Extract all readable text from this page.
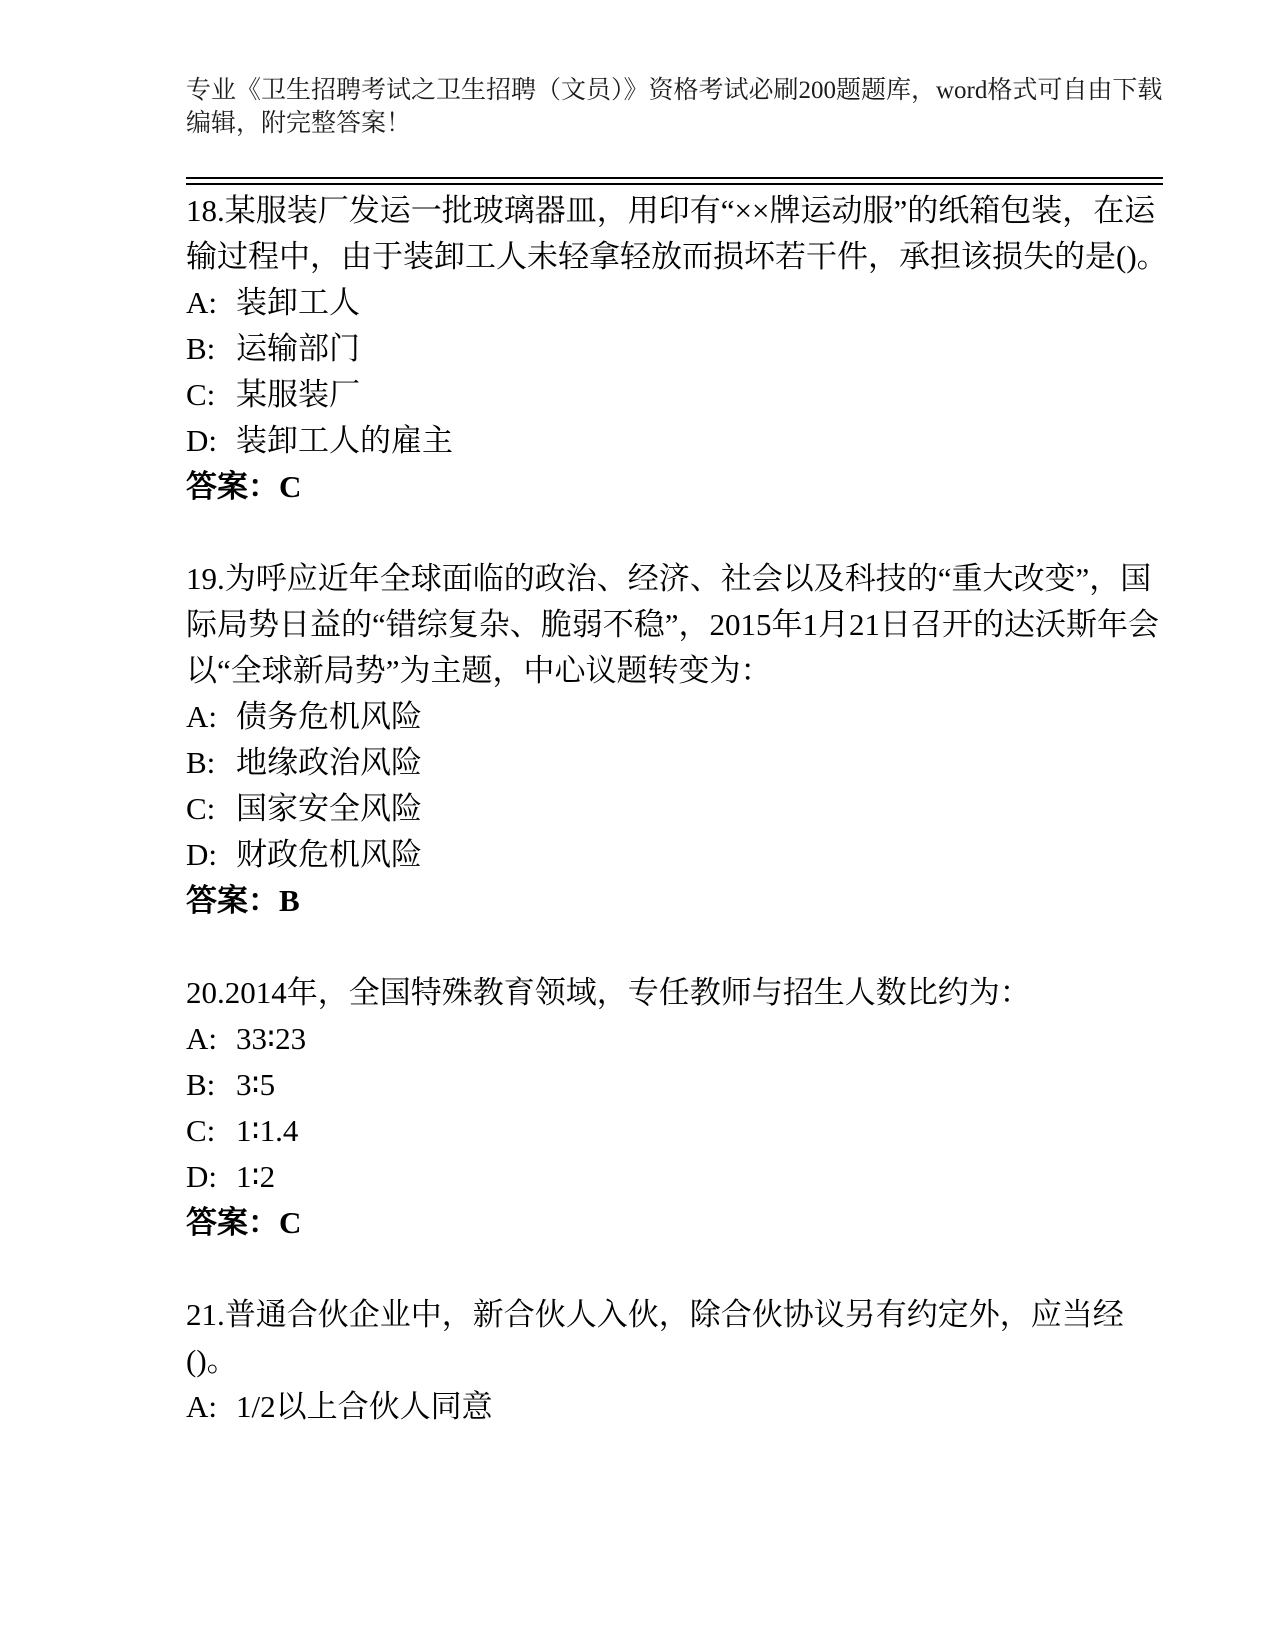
专业《卫生招聘考试之卫生招聘（文员）》资格考试必刷200题题库，word格式可自由下载编辑，附完整答案！

18.某服装厂发运一批玻璃器皿，用印有“××牌运动服”的纸箱包装，在运输过程中，由于装卸工人未轻拿轻放而损坏若干件，承担该损失的是()。

A: 装卸工人

B: 运输部门

C: 某服装厂

D: 装卸工人的雇主

答案：C

19.为呼应近年全球面临的政治、经济、社会以及科技的“重大改变”，国际局势日益的“错综复杂、脆弱不稳”，2015年1月21日召开的达沃斯年会以“全球新局势”为主题，中心议题转变为：

A: 债务危机风险

B: 地缘政治风险

C: 国家安全风险

D: 财政危机风险

答案：B

20.2014年，全国特殊教育领域，专任教师与招生人数比约为：

A: 33∶23

B: 3∶5

C: 1∶1.4

D: 1∶2

答案：C

21.普通合伙企业中，新合伙人入伙，除合伙协议另有约定外，应当经()。

A: 1/2以上合伙人同意
